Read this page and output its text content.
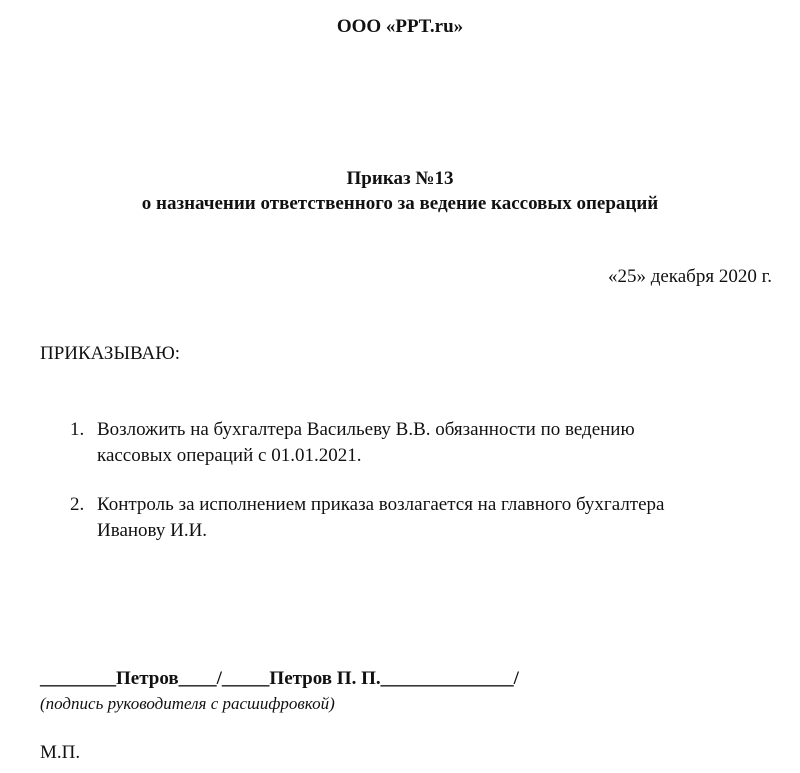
ООО «PPT.ru»
Приказ №13
о назначении ответственного за ведение кассовых операций
«25» декабря 2020 г.
ПРИКАЗЫВАЮ:
1. Возложить на бухгалтера Васильеву В.В. обязанности по ведению
кассовых операций с 01.01.2021.
2. Контроль за исполнением приказа возлагается на главного бухгалтера
Иванову И.И.
________Петров____/_____Петров П. П.______________/
(подпись руководителя с расшифровкой)
М.П.
